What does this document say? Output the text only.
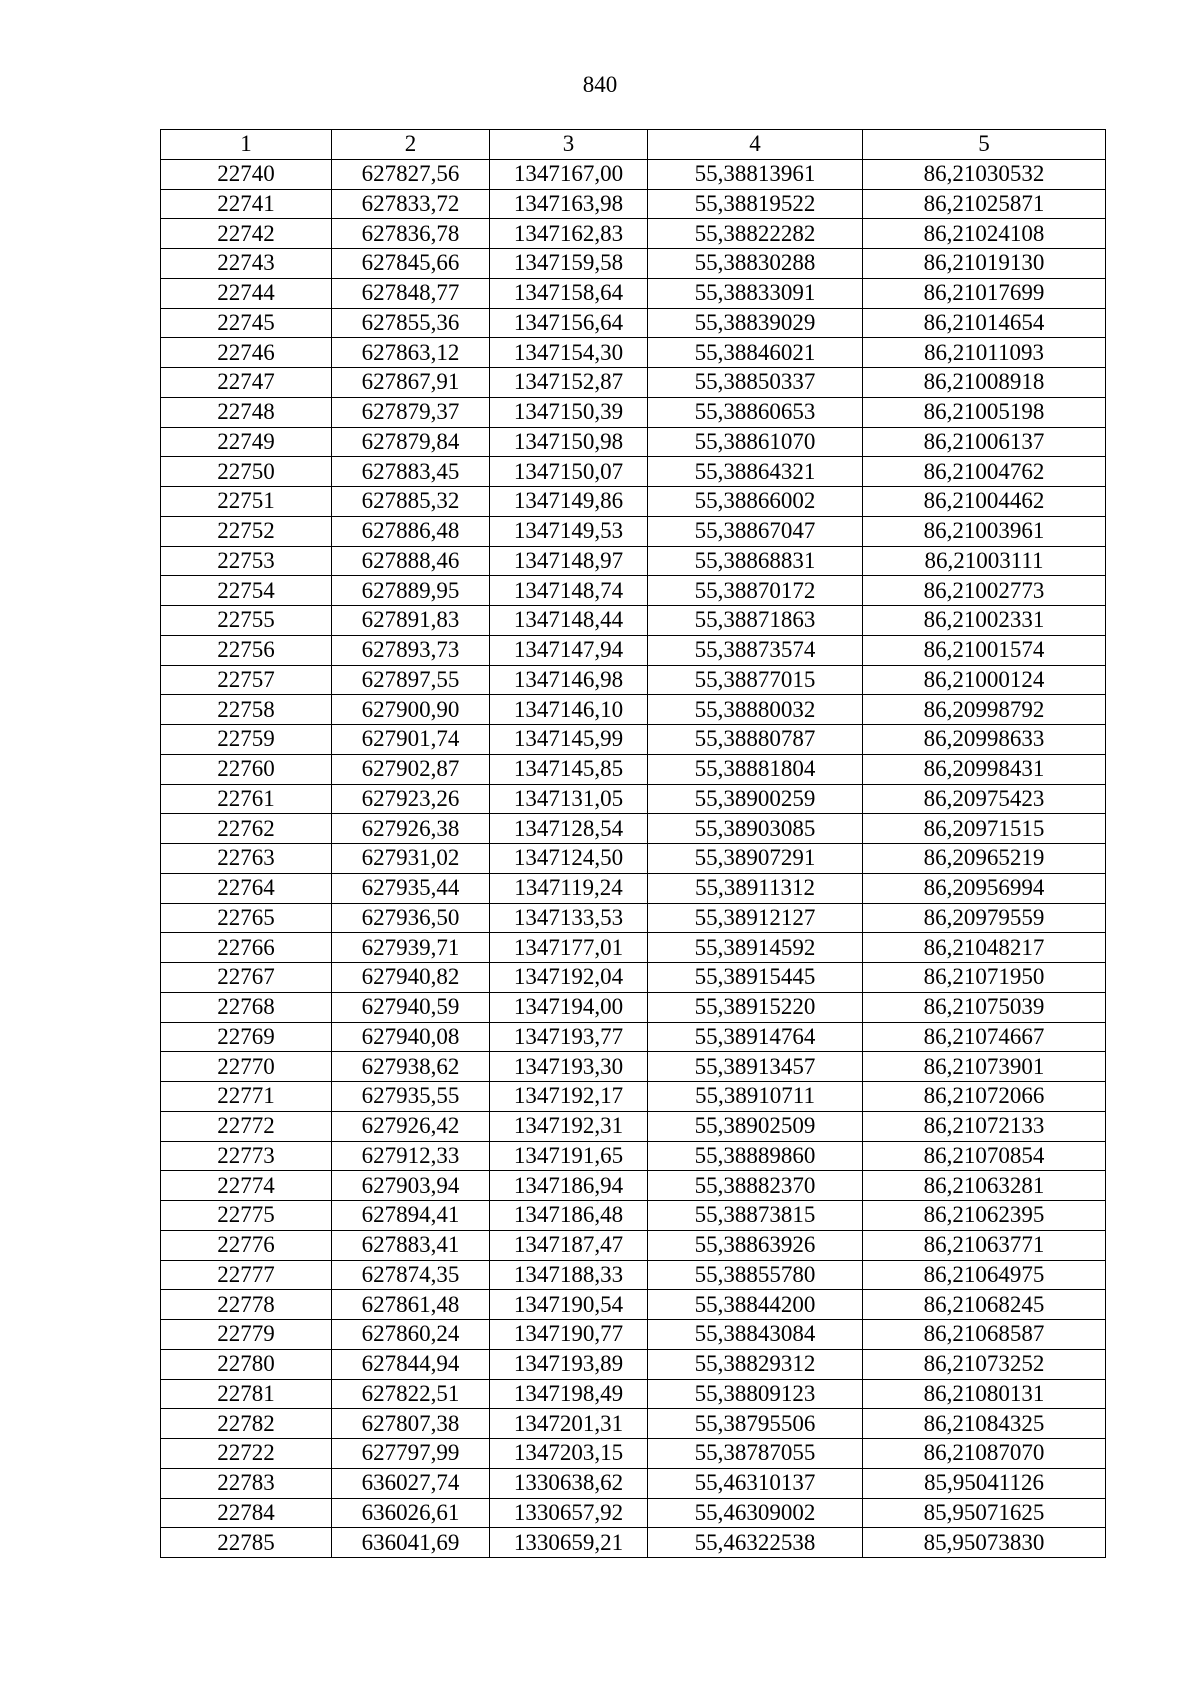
840
1	2	3	4	5
22740	627827,56	1347167,00	55,38813961	86,21030532
22741	627833,72	1347163,98	55,38819522	86,21025871
22742	627836,78	1347162,83	55,38822282	86,21024108
22743	627845,66	1347159,58	55,38830288	86,21019130
22744	627848,77	1347158,64	55,38833091	86,21017699
22745	627855,36	1347156,64	55,38839029	86,21014654
22746	627863,12	1347154,30	55,38846021	86,21011093
22747	627867,91	1347152,87	55,38850337	86,21008918
22748	627879,37	1347150,39	55,38860653	86,21005198
22749	627879,84	1347150,98	55,38861070	86,21006137
22750	627883,45	1347150,07	55,38864321	86,21004762
22751	627885,32	1347149,86	55,38866002	86,21004462
22752	627886,48	1347149,53	55,38867047	86,21003961
22753	627888,46	1347148,97	55,38868831	86,21003111
22754	627889,95	1347148,74	55,38870172	86,21002773
22755	627891,83	1347148,44	55,38871863	86,21002331
22756	627893,73	1347147,94	55,38873574	86,21001574
22757	627897,55	1347146,98	55,38877015	86,21000124
22758	627900,90	1347146,10	55,38880032	86,20998792
22759	627901,74	1347145,99	55,38880787	86,20998633
22760	627902,87	1347145,85	55,38881804	86,20998431
22761	627923,26	1347131,05	55,38900259	86,20975423
22762	627926,38	1347128,54	55,38903085	86,20971515
22763	627931,02	1347124,50	55,38907291	86,20965219
22764	627935,44	1347119,24	55,38911312	86,20956994
22765	627936,50	1347133,53	55,38912127	86,20979559
22766	627939,71	1347177,01	55,38914592	86,21048217
22767	627940,82	1347192,04	55,38915445	86,21071950
22768	627940,59	1347194,00	55,38915220	86,21075039
22769	627940,08	1347193,77	55,38914764	86,21074667
22770	627938,62	1347193,30	55,38913457	86,21073901
22771	627935,55	1347192,17	55,38910711	86,21072066
22772	627926,42	1347192,31	55,38902509	86,21072133
22773	627912,33	1347191,65	55,38889860	86,21070854
22774	627903,94	1347186,94	55,38882370	86,21063281
22775	627894,41	1347186,48	55,38873815	86,21062395
22776	627883,41	1347187,47	55,38863926	86,21063771
22777	627874,35	1347188,33	55,38855780	86,21064975
22778	627861,48	1347190,54	55,38844200	86,21068245
22779	627860,24	1347190,77	55,38843084	86,21068587
22780	627844,94	1347193,89	55,38829312	86,21073252
22781	627822,51	1347198,49	55,38809123	86,21080131
22782	627807,38	1347201,31	55,38795506	86,21084325
22722	627797,99	1347203,15	55,38787055	86,21087070
22783	636027,74	1330638,62	55,46310137	85,95041126
22784	636026,61	1330657,92	55,46309002	85,95071625
22785	636041,69	1330659,21	55,46322538	85,95073830
